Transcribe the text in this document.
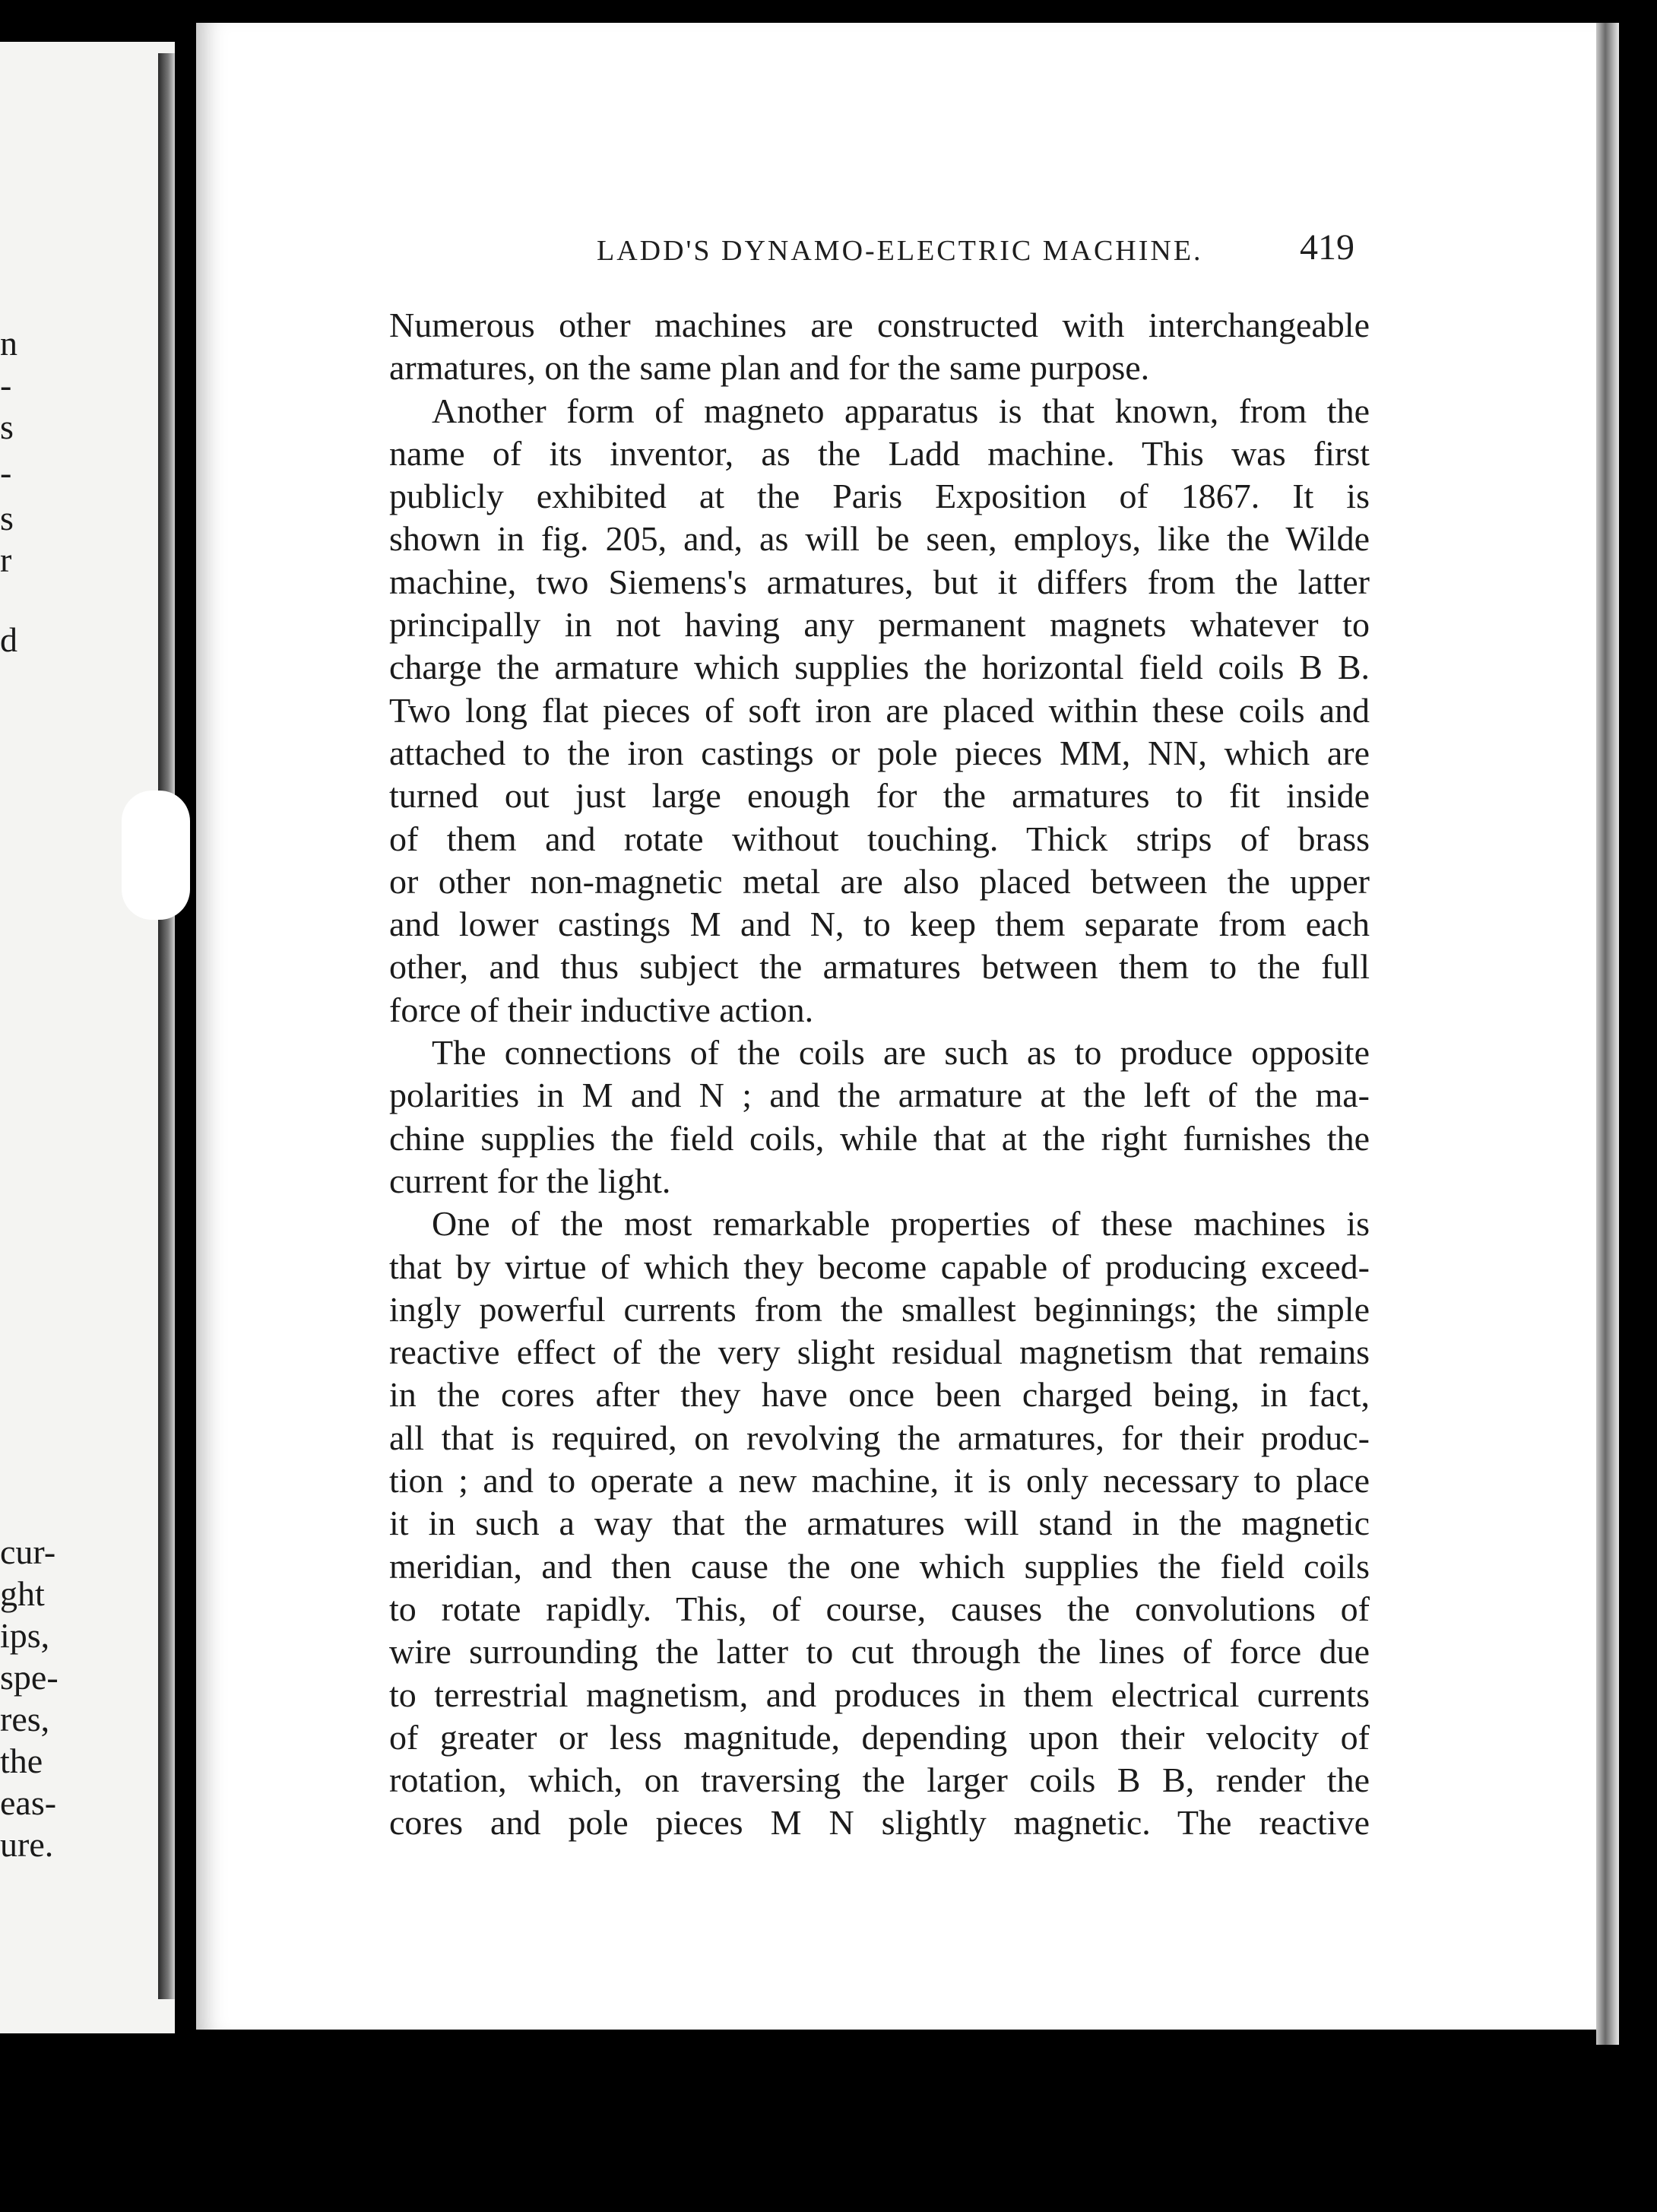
n
-
s
-
s
r
d
cur-
ght
ips,
spe-
res,
the
eas-
ure.
LADD'S DYNAMO-ELECTRIC MACHINE.	419
Numerous other machines are constructed with interchangeable
armatures, on the same plan and for the same purpose.
Another form of magneto apparatus is that known, from the
name of its inventor, as the Ladd machine. This was first
publicly exhibited at the Paris Exposition of 1867. It is
shown in fig. 205, and, as will be seen, employs, like the Wilde
machine, two Siemens's armatures, but it differs from the latter
principally in not having any permanent magnets whatever to
charge the armature which supplies the horizontal field coils B B.
Two long flat pieces of soft iron are placed within these coils and
attached to the iron castings or pole pieces MM, NN, which are
turned out just large enough for the armatures to fit inside
of them and rotate without touching. Thick strips of brass
or other non-magnetic metal are also placed between the upper
and lower castings M and N, to keep them separate from each
other, and thus subject the armatures between them to the full
force of their inductive action.
The connections of the coils are such as to produce opposite
polarities in M and N ; and the armature at the left of the ma-
chine supplies the field coils, while that at the right furnishes the
current for the light.
One of the most remarkable properties of these machines is
that by virtue of which they become capable of producing exceed-
ingly powerful currents from the smallest beginnings; the simple
reactive effect of the very slight residual magnetism that remains
in the cores after they have once been charged being, in fact,
all that is required, on revolving the armatures, for their produc-
tion ; and to operate a new machine, it is only necessary to place
it in such a way that the armatures will stand in the magnetic
meridian, and then cause the one which supplies the field coils
to rotate rapidly. This, of course, causes the convolutions of
wire surrounding the latter to cut through the lines of force due
to terrestrial magnetism, and produces in them electrical currents
of greater or less magnitude, depending upon their velocity of
rotation, which, on traversing the larger coils B B, render the
cores and pole pieces M N slightly magnetic. The reactive
